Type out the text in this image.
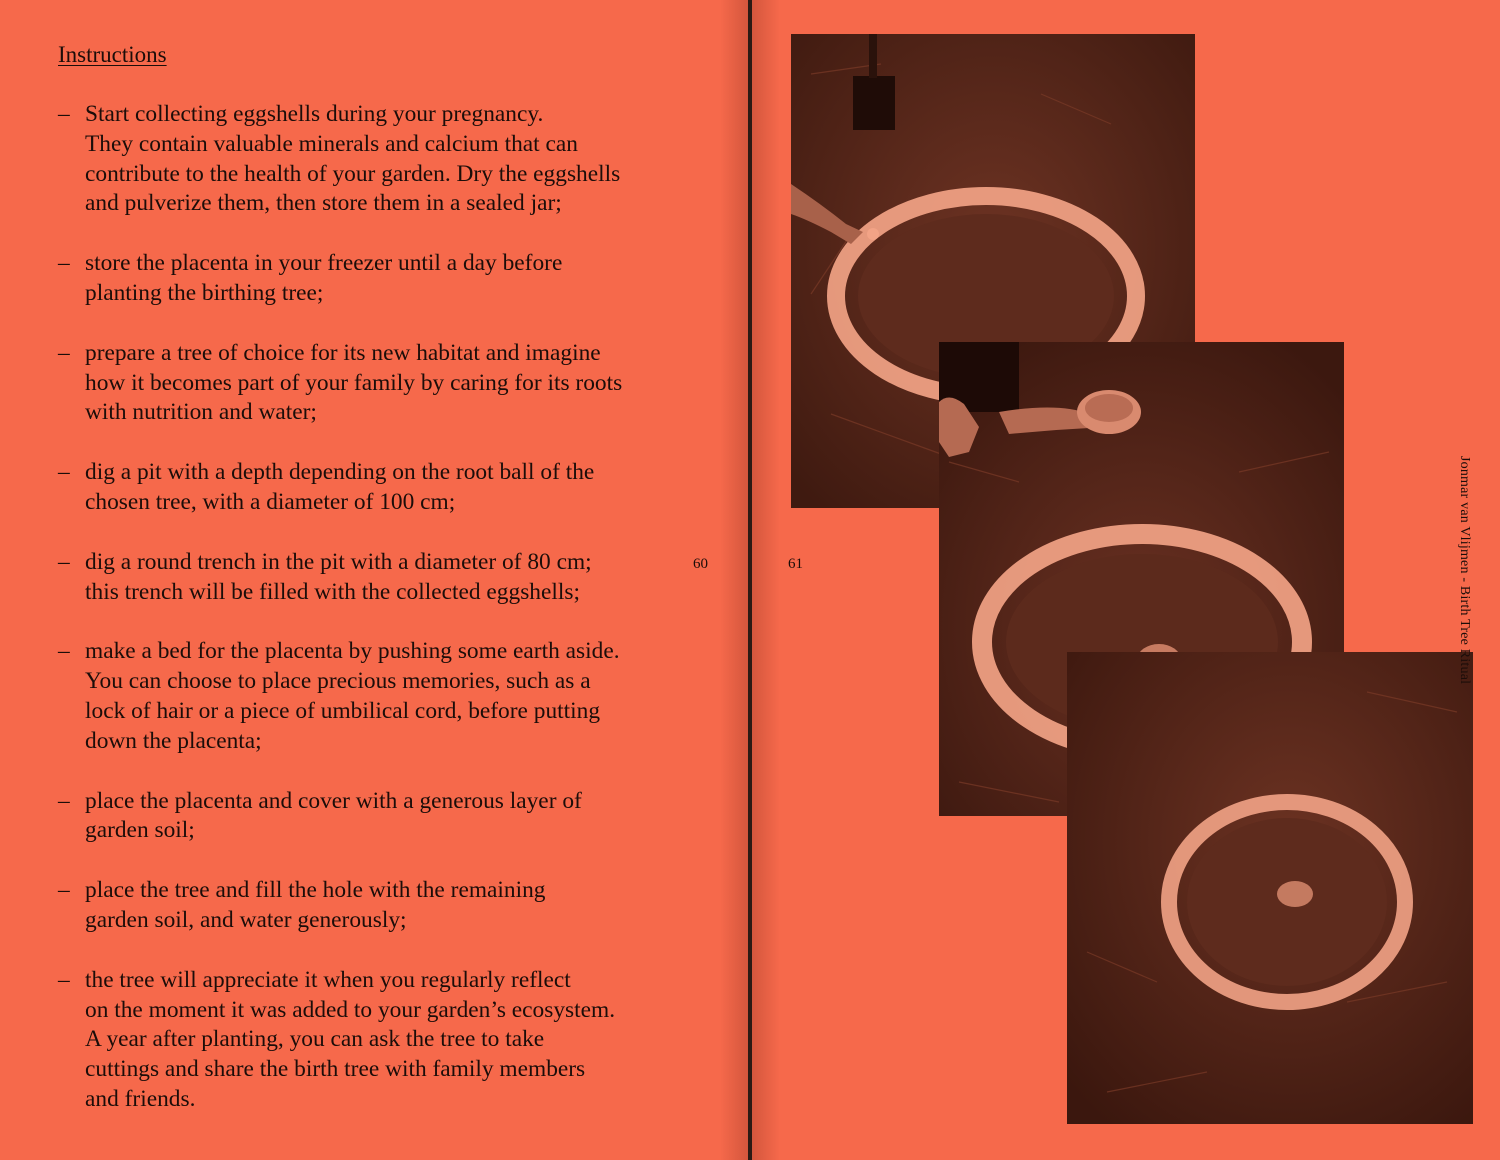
Instructions
– Start collecting eggshells during your pregnancy.
They contain valuable minerals and calcium that can
contribute to the health of your garden. Dry the eggshells
and pulverize them, then store them in a sealed jar;
– store the placenta in your freezer until a day before
planting the birthing tree;
– prepare a tree of choice for its new habitat and imagine
how it becomes part of your family by caring for its roots
with nutrition and water;
– dig a pit with a depth depending on the root ball of the
chosen tree, with a diameter of 100 cm;
– dig a round trench in the pit with a diameter of 80 cm;
this trench will be filled with the collected eggshells;
– make a bed for the placenta by pushing some earth aside.
You can choose to place precious memories, such as a
lock of hair or a piece of umbilical cord, before putting
down the placenta;
– place the placenta and cover with a generous layer of
garden soil;
– place the tree and fill the hole with the remaining
garden soil, and water generously;
– the tree will appreciate it when you regularly reflect
on the moment it was added to your garden’s ecosystem.
A year after planting, you can ask the tree to take
cuttings and share the birth tree with family members
and friends.
60	61	Jonmar van Vlijmen - Birth Tree Ritual
